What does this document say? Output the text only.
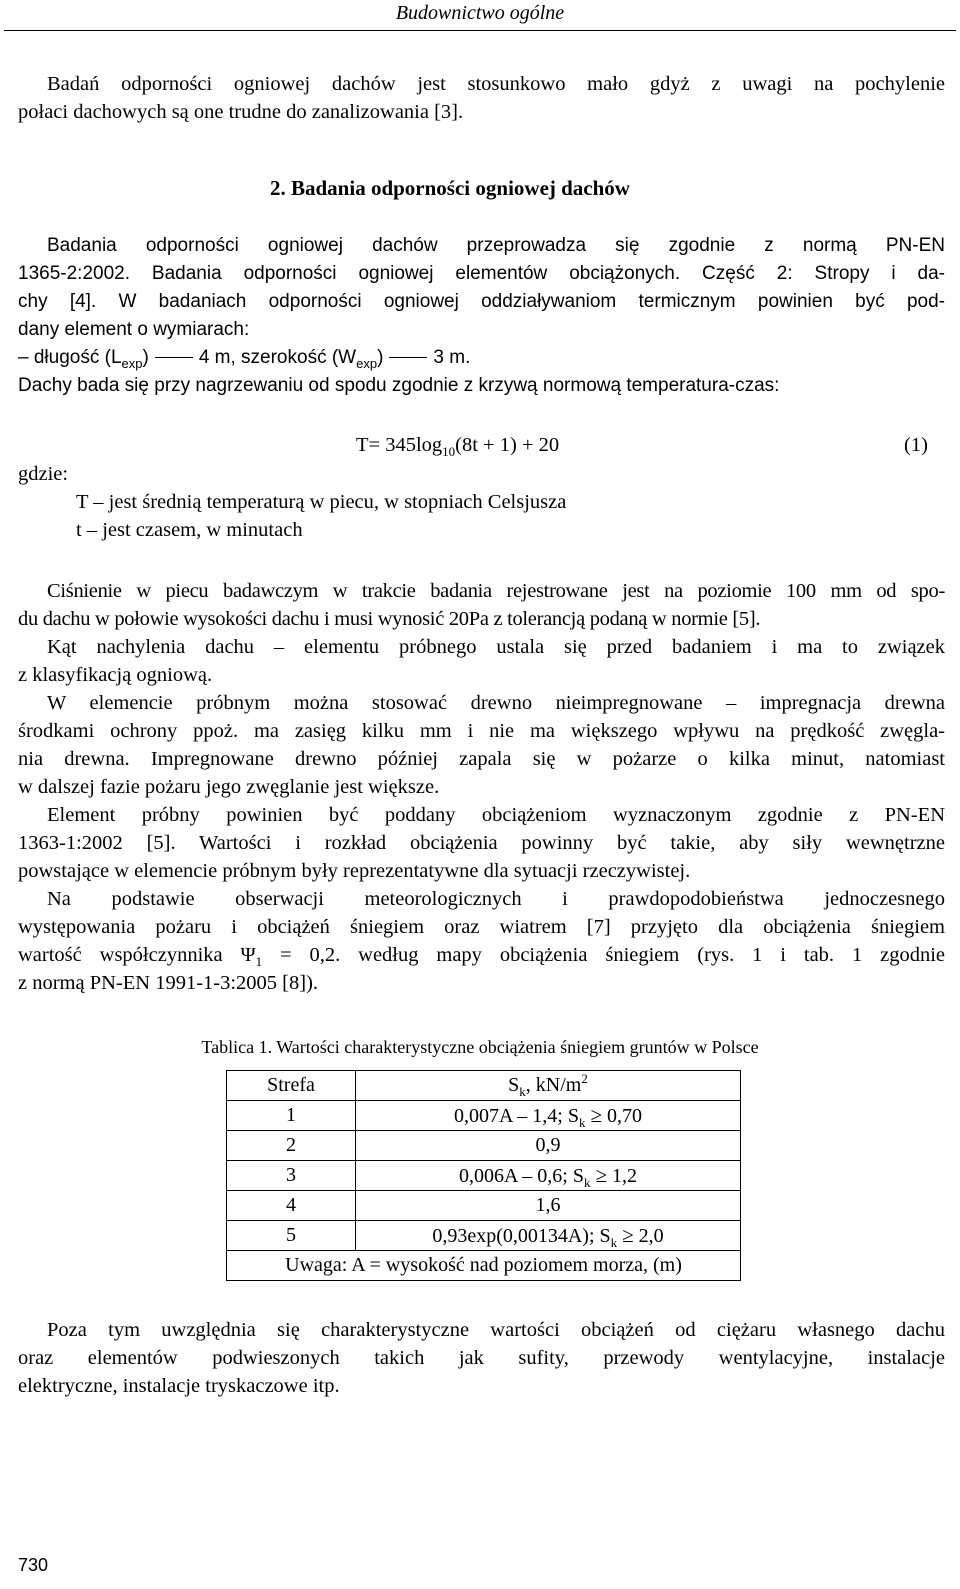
Budownictwo ogólne
Badań odporności ogniowej dachów jest stosunkowo mało gdyż z uwagi na pochylenie
połaci dachowych są one trudne do zanalizowania [3].
2. Badania odporności ogniowej dachów
Badania odporności ogniowej dachów przeprowadza się zgodnie z normą PN-EN
1365-2:2002. Badania odporności ogniowej elementów obciążonych. Część 2: Stropy i da-
chy [4]. W badaniach odporności ogniowej oddziaływaniom termicznym powinien być pod-
dany element o wymiarach:
– długość $(L_{exp})$	4 m, szerokość $(W_{exp})$	3 m.
Dachy bada się przy nagrzewaniu od spodu zgodnie z krzywą normową temperatura-czas:
$T= 345\log_{10}(8t + 1) + 20$	(1)
gdzie:
T – jest średnią temperaturą w piecu, w stopniach Celsjusza
t – jest czasem, w minutach
Ciśnienie w piecu badawczym w trakcie badania rejestrowane jest na poziomie 100 mm od spo-
du dachu w połowie wysokości dachu i musi wynosić 20Pa z tolerancją podaną w normie [5].
Kąt nachylenia dachu – elementu próbnego ustala się przed badaniem i ma to związek
z klasyfikacją ogniową.
W elemencie próbnym można stosować drewno nieimpregnowane – impregnacja drewna
środkami ochrony ppoż. ma zasięg kilku mm i nie ma większego wpływu na prędkość zwęgla-
nia drewna. Impregnowane drewno później zapala się w pożarze o kilka minut, natomiast
w dalszej fazie pożaru jego zwęglanie jest większe.
Element próbny powinien być poddany obciążeniom wyznaczonym zgodnie z PN-EN
1363-1:2002 [5]. Wartości i rozkład obciążenia powinny być takie, aby siły wewnętrzne
powstające w elemencie próbnym były reprezentatywne dla sytuacji rzeczywistej.
Na podstawie obserwacji meteorologicznych i prawdopodobieństwa jednoczesnego
występowania pożaru i obciążeń śniegiem oraz wiatrem [7] przyjęto dla obciążenia śniegiem
wartość współczynnika $\Psi_1 = 0,2$. według mapy obciążenia śniegiem (rys. 1 i tab. 1 zgodnie
z normą PN-EN 1991-1-3:2005 [8]).
Tablica 1. Wartości charakterystyczne obciążenia śniegiem gruntów w Polsce
Strefa	$S_k$, $kN/m^2$
1	0,007A – 1,4; $S_k \ge 0,70$
2	0,9
3	0,006A – 0,6; $S_k \ge 1,2$
4	1,6
5	0,93exp(0,00134A); $S_k \ge 2,0$
Uwaga: A = wysokość nad poziomem morza, (m)	
Poza tym uwzględnia się charakterystyczne wartości obciążeń od ciężaru własnego dachu
oraz elementów podwieszonych takich jak sufity, przewody wentylacyjne, instalacje
elektryczne, instalacje tryskaczowe itp.
730
